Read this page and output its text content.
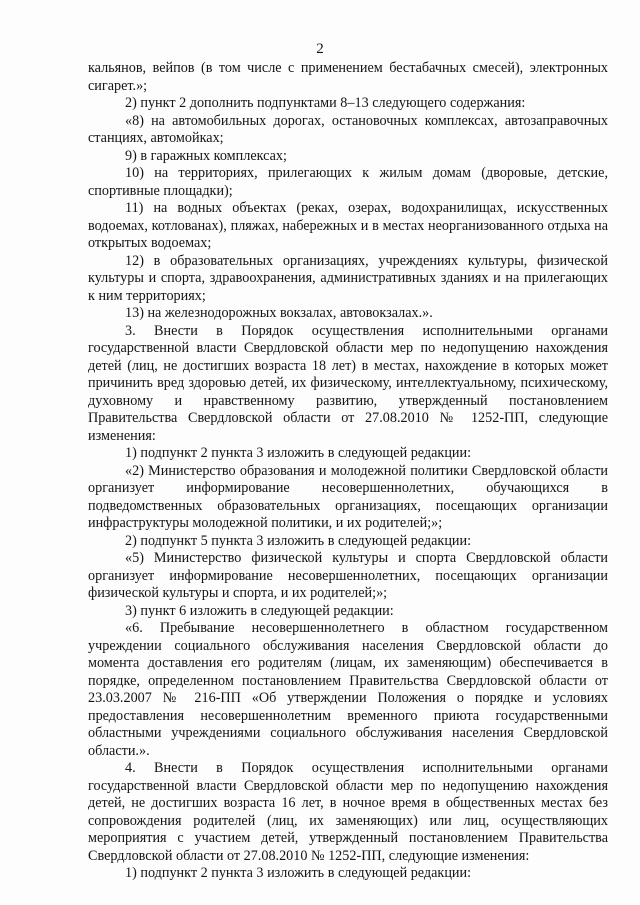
2

кальянов, вейпов (в том числе с применением бестабачных смесей), электронных сигарет.»;

2) пункт 2 дополнить подпунктами 8–13 следующего содержания:

«8) на автомобильных дорогах, остановочных комплексах, автозаправочных станциях, автомойках;

9) в гаражных комплексах;

10) на территориях, прилегающих к жилым домам (дворовые, детские, спортивные площадки);

11) на водных объектах (реках, озерах, водохранилищах, искусственных водоемах, котлованах), пляжах, набережных и в местах неорганизованного отдыха на открытых водоемах;

12) в образовательных организациях, учреждениях культуры, физической культуры и спорта, здравоохранения, административных зданиях и на прилегающих к ним территориях;

13) на железнодорожных вокзалах, автовокзалах.».

3. Внести в Порядок осуществления исполнительными органами государственной власти Свердловской области мер по недопущению нахождения детей (лиц, не достигших возраста 18 лет) в местах, нахождение в которых может причинить вред здоровью детей, их физическому, интеллектуальному, психическому, духовному и нравственному развитию, утвержденный постановлением Правительства Свердловской области от 27.08.2010 № 1252-ПП, следующие изменения:

1) подпункт 2 пункта 3 изложить в следующей редакции:

«2) Министерство образования и молодежной политики Свердловской области организует информирование несовершеннолетних, обучающихся в подведомственных образовательных организациях, посещающих организации инфраструктуры молодежной политики, и их родителей;»;

2) подпункт 5 пункта 3 изложить в следующей редакции:

«5) Министерство физической культуры и спорта Свердловской области организует информирование несовершеннолетних, посещающих организации физической культуры и спорта, и их родителей;»;

3) пункт 6 изложить в следующей редакции:

«6. Пребывание несовершеннолетнего в областном государственном учреждении социального обслуживания населения Свердловской области до момента доставления его родителям (лицам, их заменяющим) обеспечивается в порядке, определенном постановлением Правительства Свердловской области от 23.03.2007 № 216-ПП «Об утверждении Положения о порядке и условиях предоставления несовершеннолетним временного приюта государственными областными учреждениями социального обслуживания населения Свердловской области.».

4. Внести в Порядок осуществления исполнительными органами государственной власти Свердловской области мер по недопущению нахождения детей, не достигших возраста 16 лет, в ночное время в общественных местах без сопровождения родителей (лиц, их заменяющих) или лиц, осуществляющих мероприятия с участием детей, утвержденный постановлением Правительства Свердловской области от 27.08.2010 № 1252-ПП, следующие изменения:

1) подпункт 2 пункта 3 изложить в следующей редакции:
